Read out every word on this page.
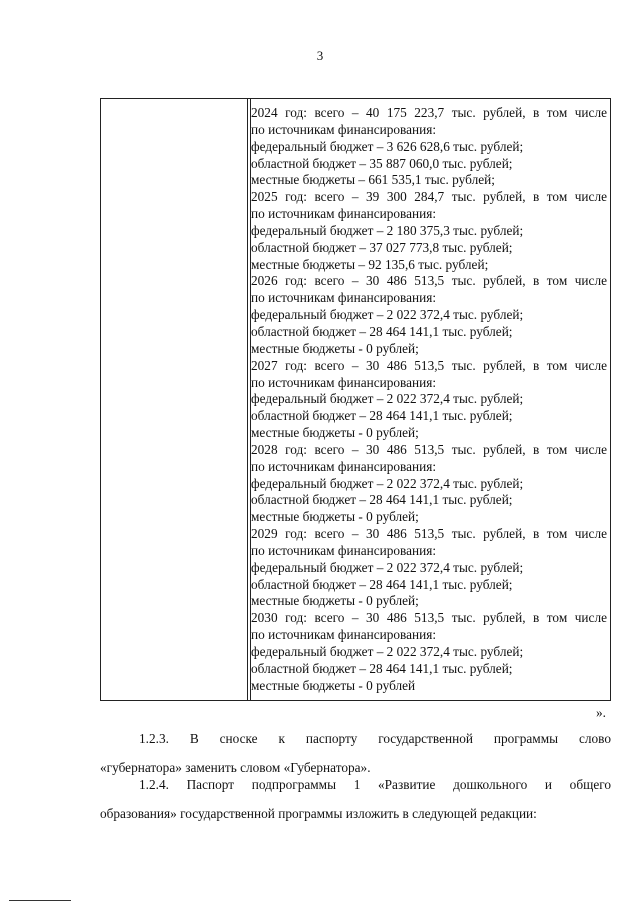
3
2024 год: всего – 40 175 223,7 тыс. рублей, в том числе
по источникам финансирования:
федеральный бюджет – 3 626 628,6 тыс. рублей;
областной бюджет – 35 887 060,0 тыс. рублей;
местные бюджеты – 661 535,1 тыс. рублей;
2025 год: всего – 39 300 284,7 тыс. рублей, в том числе
по источникам финансирования:
федеральный бюджет – 2 180 375,3 тыс. рублей;
областной бюджет – 37 027 773,8 тыс. рублей;
местные бюджеты – 92 135,6 тыс. рублей;
2026 год: всего – 30 486 513,5 тыс. рублей, в том числе
по источникам финансирования:
федеральный бюджет – 2 022 372,4 тыс. рублей;
областной бюджет – 28 464 141,1 тыс. рублей;
местные бюджеты - 0 рублей;
2027 год: всего – 30 486 513,5 тыс. рублей, в том числе
по источникам финансирования:
федеральный бюджет – 2 022 372,4 тыс. рублей;
областной бюджет – 28 464 141,1 тыс. рублей;
местные бюджеты - 0 рублей;
2028 год: всего – 30 486 513,5 тыс. рублей, в том числе
по источникам финансирования:
федеральный бюджет – 2 022 372,4 тыс. рублей;
областной бюджет – 28 464 141,1 тыс. рублей;
местные бюджеты - 0 рублей;
2029 год: всего – 30 486 513,5 тыс. рублей, в том числе
по источникам финансирования:
федеральный бюджет – 2 022 372,4 тыс. рублей;
областной бюджет – 28 464 141,1 тыс. рублей;
местные бюджеты - 0 рублей;
2030 год: всего – 30 486 513,5 тыс. рублей, в том числе
по источникам финансирования:
федеральный бюджет – 2 022 372,4 тыс. рублей;
областной бюджет – 28 464 141,1 тыс. рублей;
местные бюджеты - 0 рублей
».

1.2.3. В сноске к паспорту государственной программы слово
«губернатора» заменить словом «Губернатора».

1.2.4. Паспорт подпрограммы 1 «Развитие дошкольного и общего
образования» государственной программы изложить в следующей редакции:
